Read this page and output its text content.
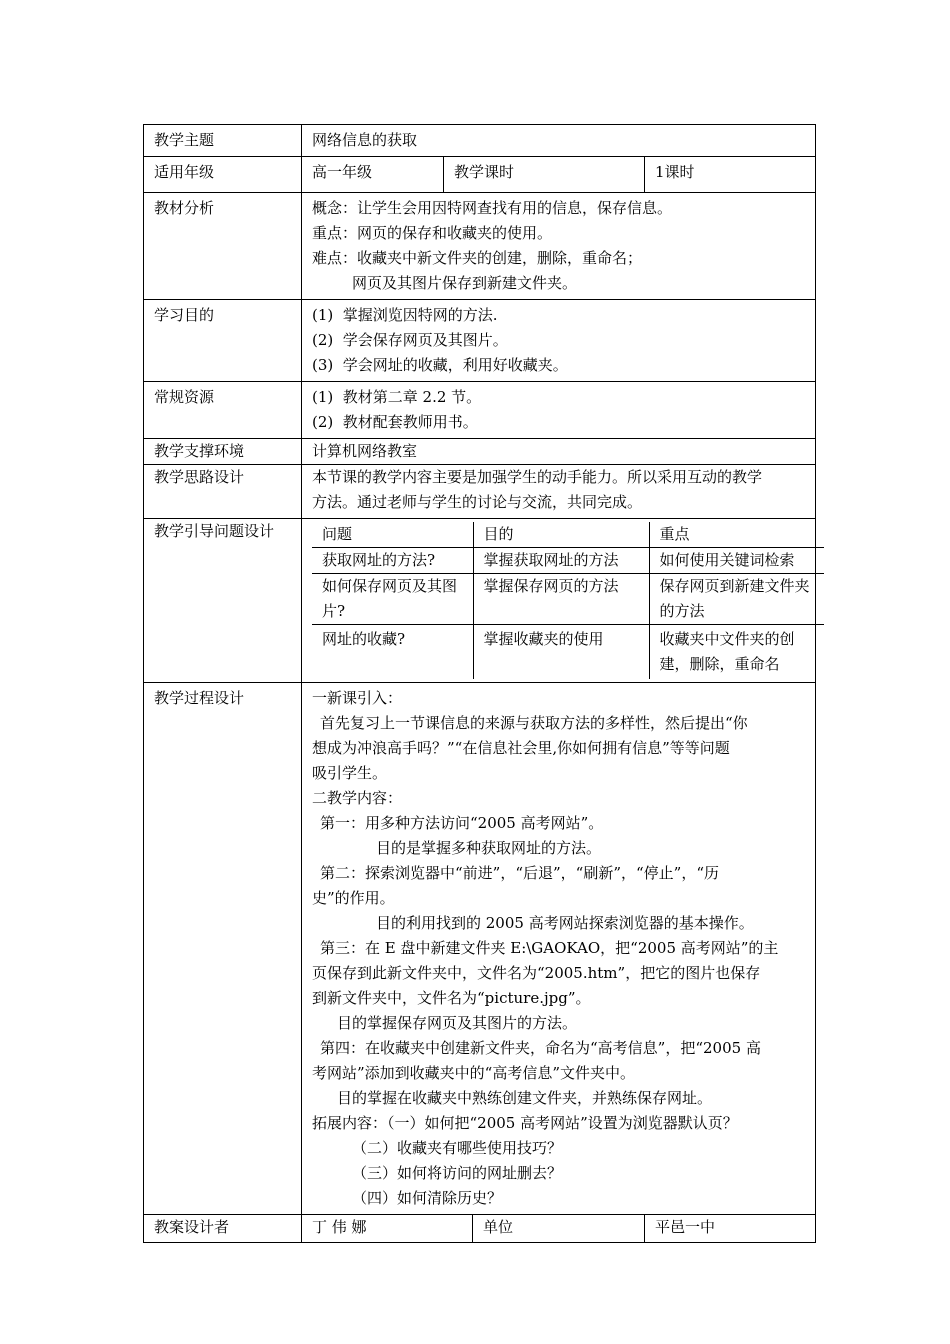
教学主题	网络信息的获取
适用年级	高一年级	教学课时	1课时
教材分析	概念：让学生会用因特网查找有用的信息，保存信息。
重点：网页的保存和收藏夹的使用。
难点：收藏夹中新文件夹的创建，删除，重命名；
网页及其图片保存到新建文件夹。

学习目的	(1)  掌握浏览因特网的方法.
(2)  学会保存网页及其图片。
(3)  学会网址的收藏，利用好收藏夹。

常规资源	(1)  教材第二章 2.2 节。
(2)  教材配套教师用书。

教学支撑环境	计算机网络教室
教学思路设计	本节课的教学内容主要是加强学生的动手能力。所以采用互动的教学
方法。通过老师与学生的讨论与交流，共同完成。

教学引导问题设计		问题	目的	重点
获取网址的方法?	掌握获取网址的方法	如何使用关键词检索
如何保存网页及其图片?	掌握保存网页的方法	保存网页到新建文件夹的方法
网址的收藏?	掌握收藏夹的使用	收藏夹中文件夹的创建，删除，重命名

教学过程设计	一新课引入：
首先复习上一节课信息的来源与获取方法的多样性，然后提出“你
想成为冲浪高手吗？”“在信息社会里,你如何拥有信息”等等问题
吸引学生。
二教学内容：
第一：用多种方法访问“2005 高考网站”。
目的是掌握多种获取网址的方法。
第二：探索浏览器中“前进”，“后退”，“刷新”，“停止”，“历
史”的作用。
目的利用找到的 2005 高考网站探索浏览器的基本操作。
第三：在 E 盘中新建文件夹 E:\GAOKAO，把“2005 高考网站”的主
页保存到此新文件夹中，文件名为“2005.htm”，把它的图片也保存
到新文件夹中，文件名为“picture.jpg”。
目的掌握保存网页及其图片的方法。
第四：在收藏夹中创建新文件夹，命名为“高考信息”，把“2005 高
考网站”添加到收藏夹中的“高考信息”文件夹中。
目的掌握在收藏夹中熟练创建文件夹，并熟练保存网址。
拓展内容：（一）如何把“2005 高考网站”设置为浏览器默认页？
（二）收藏夹有哪些使用技巧？
（三）如何将访问的网址删去？
（四）如何清除历史？

教案设计者	丁 伟 娜	单位	平邑一中
